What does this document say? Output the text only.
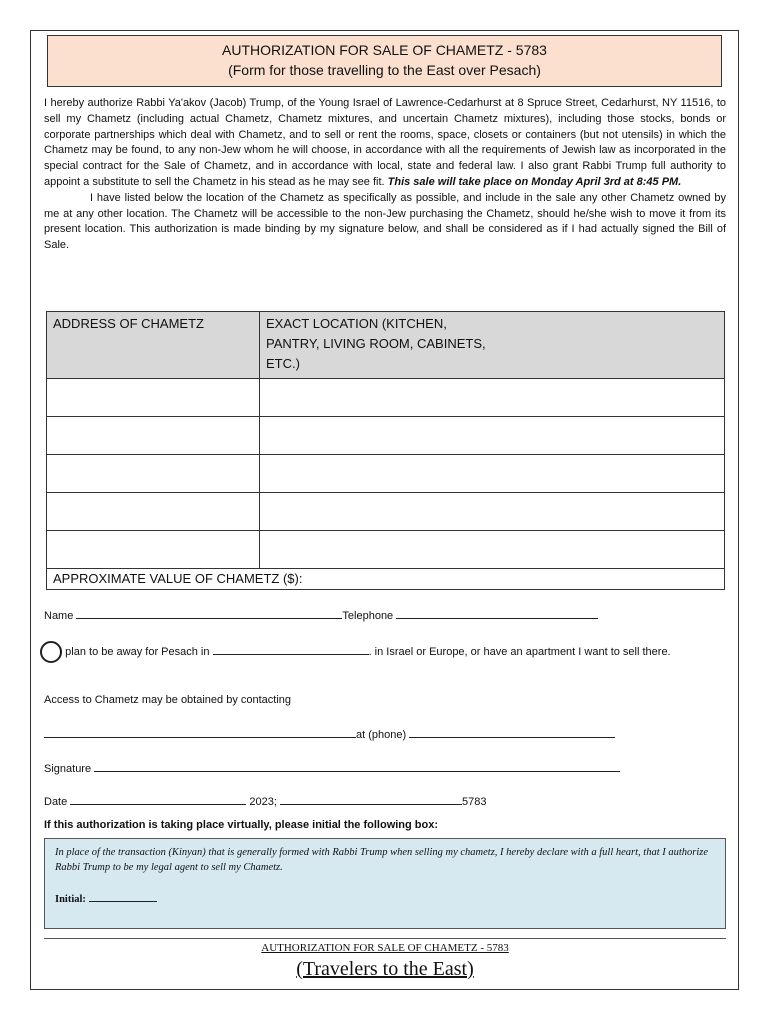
AUTHORIZATION FOR SALE OF CHAMETZ - 5783
(Form for those travelling to the East over Pesach)

I hereby authorize Rabbi Ya'akov (Jacob) Trump, of the Young Israel of Lawrence-Cedarhurst at 8 Spruce Street, Cedarhurst, NY 11516, to sell my Chametz (including actual Chametz, Chametz mixtures, and uncertain Chametz mixtures), including those stocks, bonds or corporate partnerships which deal with Chametz, and to sell or rent the rooms, space, closets or containers (but not utensils) in which the Chametz may be found, to any non-Jew whom he will choose, in accordance with all the requirements of Jewish law as incorporated in the special contract for the Sale of Chametz, and in accordance with local, state and federal law. I also grant Rabbi Trump full authority to appoint a substitute to sell the Chametz in his stead as he may see fit. This sale will take place on Monday April 3rd at 8:45 PM.

I have listed below the location of the Chametz as specifically as possible, and include in the sale any other Chametz owned by me at any other location. The Chametz will be accessible to the non-Jew purchasing the Chametz, should he/she wish to move it from its present location. This authorization is made binding by my signature below, and shall be considered as if I had actually signed the Bill of Sale.

ADDRESS OF CHAMETZ	EXACT LOCATION (KITCHEN, PANTRY, LIVING ROOM, CABINETS, ETC.)

APPROXIMATE VALUE OF CHAMETZ ($):	
Name	Telephone
I plan to be away for Pesach in	. in Israel or Europe, or have an apartment I want to sell there.
Access to Chametz may be obtained by contacting
at (phone)
Signature
Date	2023;	5783
If this authorization is taking place virtually, please initial the following box:
In place of the transaction (Kinyan) that is generally formed with Rabbi Trump when selling my chametz, I hereby declare with a full heart, that I authorize Rabbi Trump to be my legal agent to sell my Chametz.
Initial:
AUTHORIZATION FOR SALE OF CHAMETZ - 5783
(Travelers to the East)
